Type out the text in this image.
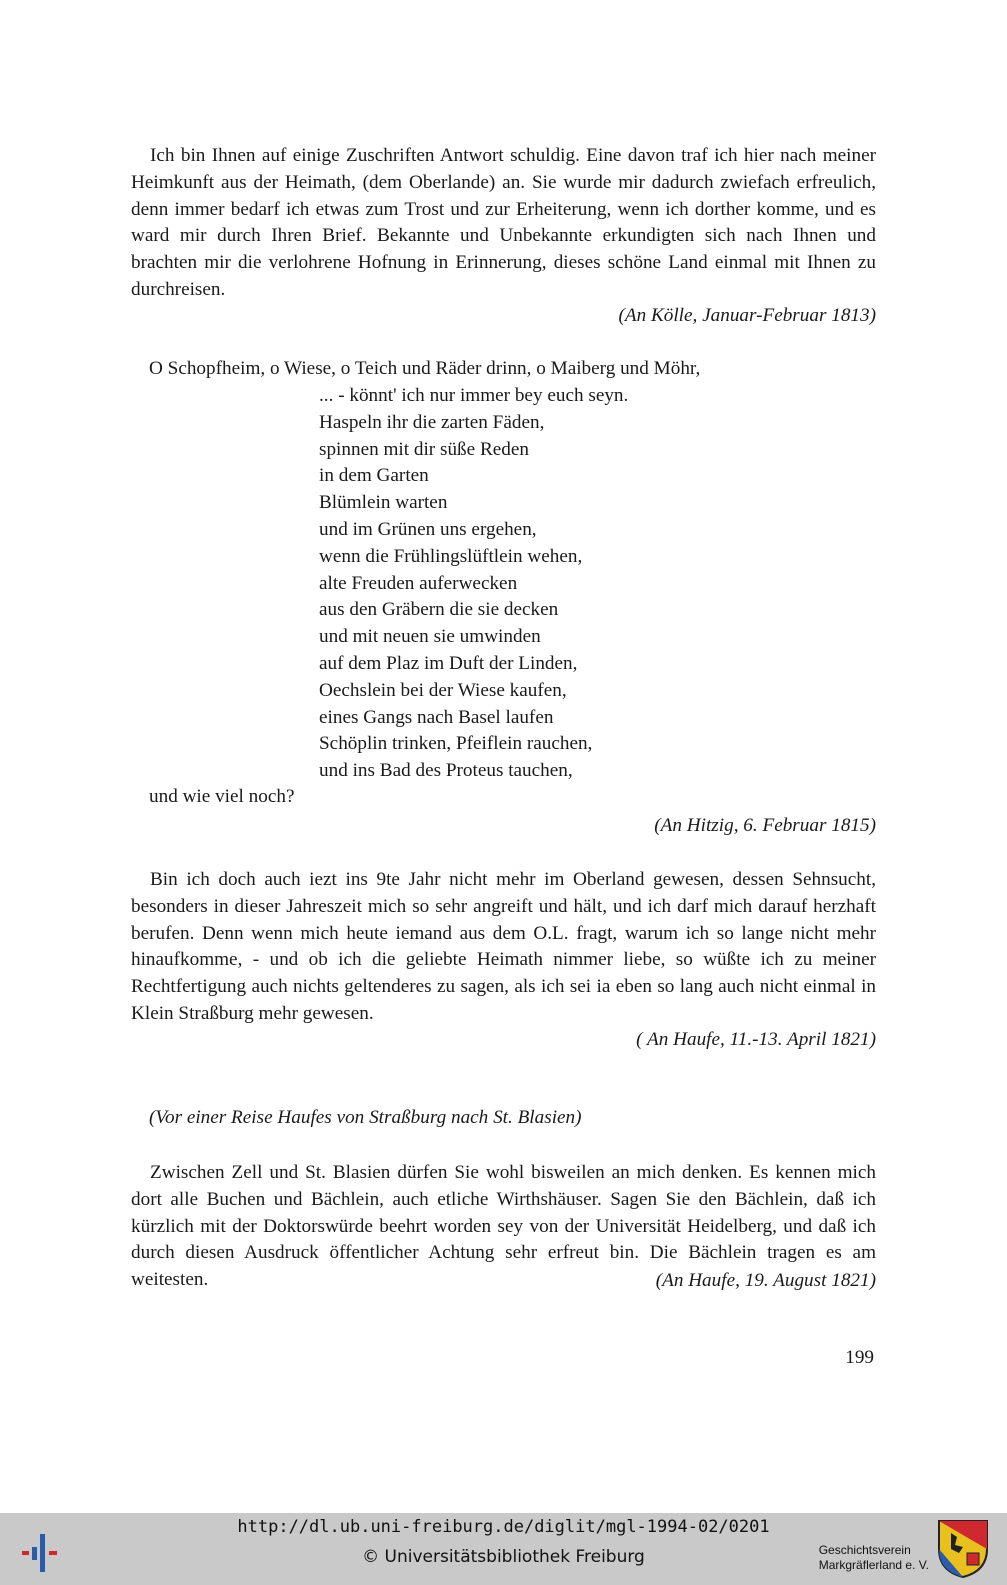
Ich bin Ihnen auf einige Zuschriften Antwort schuldig. Eine davon traf ich hier nach meiner Heimkunft aus der Heimath, (dem Oberlande) an. Sie wurde mir dadurch zwiefach erfreulich, denn immer bedarf ich etwas zum Trost und zur Erheiterung, wenn ich dorther komme, und es ward mir durch Ihren Brief. Bekannte und Unbekannte erkundigten sich nach Ihnen und brachten mir die verlohrene Hofnung in Erinnerung, dieses schöne Land einmal mit Ihnen zu durchreisen.

(An Kölle, Januar-Februar 1813)
O Schopfheim, o Wiese, o Teich und Räder drinn, o Maiberg und Möhr,
... - könnt' ich nur immer bey euch seyn.
Haspeln ihr die zarten Fäden,
spinnen mit dir süße Reden
in dem Garten
Blümlein warten
und im Grünen uns ergehen,
wenn die Frühlingslüftlein wehen,
alte Freuden auferwecken
aus den Gräbern die sie decken
und mit neuen sie umwinden
auf dem Plaz im Duft der Linden,
Oechslein bei der Wiese kaufen,
eines Gangs nach Basel laufen
Schöplin trinken, Pfeiflein rauchen,
und ins Bad des Proteus tauchen,
und wie viel noch?
(An Hitzig, 6. Februar 1815)

Bin ich doch auch iezt ins 9te Jahr nicht mehr im Oberland gewesen, dessen Sehnsucht, besonders in dieser Jahreszeit mich so sehr angreift und hält, und ich darf mich darauf herzhaft berufen. Denn wenn mich heute iemand aus dem O.L. fragt, warum ich so lange nicht mehr hinaufkomme, - und ob ich die geliebte Heimath nimmer liebe, so wüßte ich zu meiner Rechtfertigung auch nichts geltenderes zu sagen, als ich sei ia eben so lang auch nicht einmal in Klein Straßburg mehr gewesen.

( An Haufe, 11.-13. April 1821)
(Vor einer Reise Haufes von Straßburg nach St. Blasien)

Zwischen Zell und St. Blasien dürfen Sie wohl bisweilen an mich denken. Es kennen mich dort alle Buchen und Bächlein, auch etliche Wirthshäuser. Sagen Sie den Bächlein, daß ich kürzlich mit der Doktorswürde beehrt worden sey von der Universität Heidelberg, und daß ich durch diesen Ausdruck öffentlicher Achtung sehr erfreut bin. Die Bächlein tragen es am weitesten.	(An Haufe, 19. August 1821)
199
http://dl.ub.uni-freiburg.de/diglit/mgl-1994-02/0201
© Universitätsbibliothek Freiburg	Geschichtsverein
Markgräflerland e. V.
